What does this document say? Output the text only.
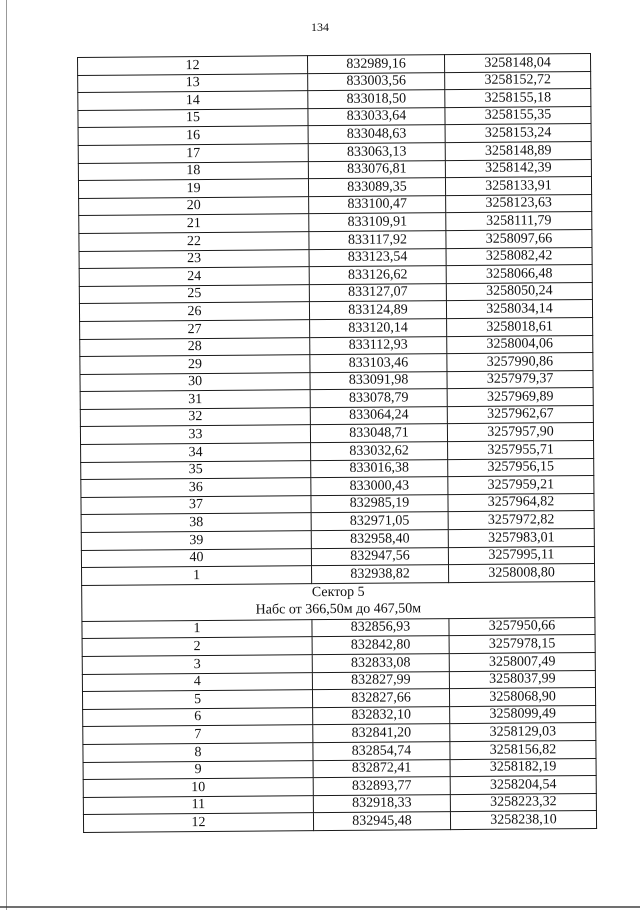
134
12	832989,16	3258148,04
13	833003,56	3258152,72
14	833018,50	3258155,18
15	833033,64	3258155,35
16	833048,63	3258153,24
17	833063,13	3258148,89
18	833076,81	3258142,39
19	833089,35	3258133,91
20	833100,47	3258123,63
21	833109,91	3258111,79
22	833117,92	3258097,66
23	833123,54	3258082,42
24	833126,62	3258066,48
25	833127,07	3258050,24
26	833124,89	3258034,14
27	833120,14	3258018,61
28	833112,93	3258004,06
29	833103,46	3257990,86
30	833091,98	3257979,37
31	833078,79	3257969,89
32	833064,24	3257962,67
33	833048,71	3257957,90
34	833032,62	3257955,71
35	833016,38	3257956,15
36	833000,43	3257959,21
37	832985,19	3257964,82
38	832971,05	3257972,82
39	832958,40	3257983,01
40	832947,56	3257995,11
1	832938,82	3258008,80

Сектор 5
Набс от 366,50м до 467,50м		

1	832856,93	3257950,66
2	832842,80	3257978,15
3	832833,08	3258007,49
4	832827,99	3258037,99
5	832827,66	3258068,90
6	832832,10	3258099,49
7	832841,20	3258129,03
8	832854,74	3258156,82
9	832872,41	3258182,19
10	832893,77	3258204,54
11	832918,33	3258223,32
12	832945,48	3258238,10
